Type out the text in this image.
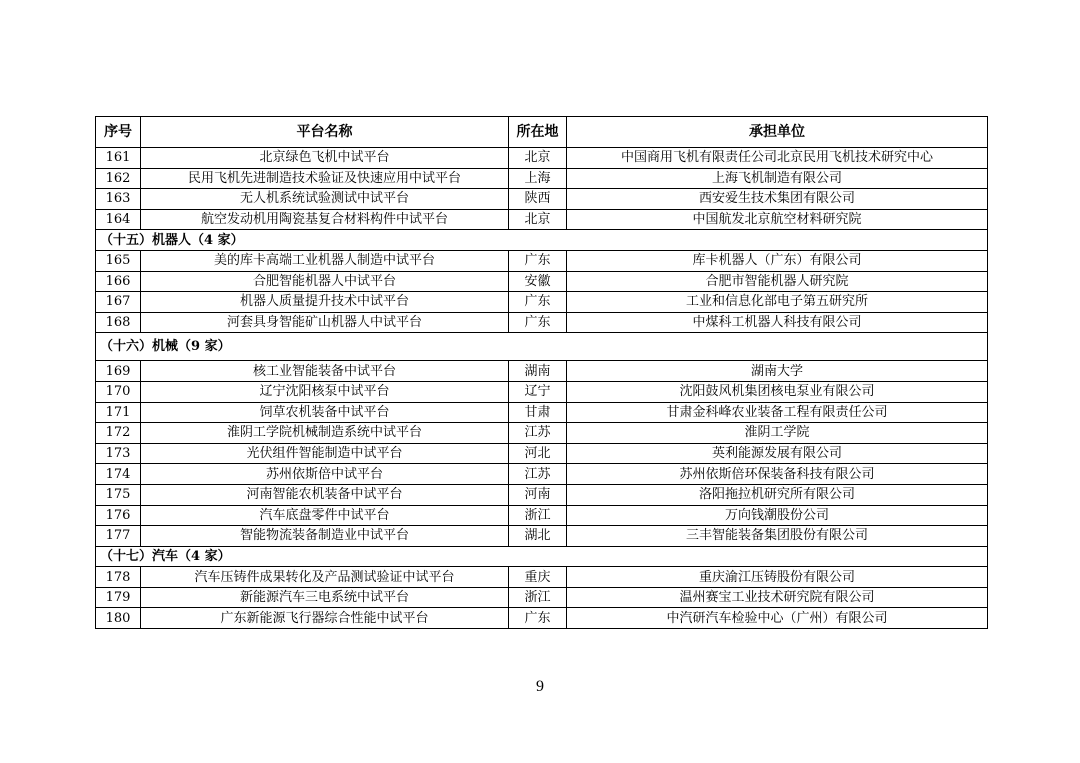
序号	平台名称	所在地	承担单位
161	北京绿色飞机中试平台	北京	中国商用飞机有限责任公司北京民用飞机技术研究中心
162	民用飞机先进制造技术验证及快速应用中试平台	上海	上海飞机制造有限公司
163	无人机系统试验测试中试平台	陕西	西安爱生技术集团有限公司
164	航空发动机用陶瓷基复合材料构件中试平台	北京	中国航发北京航空材料研究院
（十五）机器人（4 家）			
165	美的库卡高端工业机器人制造中试平台	广东	库卡机器人（广东）有限公司
166	合肥智能机器人中试平台	安徽	合肥市智能机器人研究院
167	机器人质量提升技术中试平台	广东	工业和信息化部电子第五研究所
168	河套具身智能矿山机器人中试平台	广东	中煤科工机器人科技有限公司
（十六）机械（9 家）			
169	核工业智能装备中试平台	湖南	湖南大学
170	辽宁沈阳核泵中试平台	辽宁	沈阳鼓风机集团核电泵业有限公司
171	饲草农机装备中试平台	甘肃	甘肃金科峰农业装备工程有限责任公司
172	淮阴工学院机械制造系统中试平台	江苏	淮阴工学院
173	光伏组件智能制造中试平台	河北	英利能源发展有限公司
174	苏州依斯倍中试平台	江苏	苏州依斯倍环保装备科技有限公司
175	河南智能农机装备中试平台	河南	洛阳拖拉机研究所有限公司
176	汽车底盘零件中试平台	浙江	万向钱潮股份公司
177	智能物流装备制造业中试平台	湖北	三丰智能装备集团股份有限公司
（十七）汽车（4 家）			
178	汽车压铸件成果转化及产品测试验证中试平台	重庆	重庆渝江压铸股份有限公司
179	新能源汽车三电系统中试平台	浙江	温州赛宝工业技术研究院有限公司
180	广东新能源飞行器综合性能中试平台	广东	中汽研汽车检验中心（广州）有限公司
9
